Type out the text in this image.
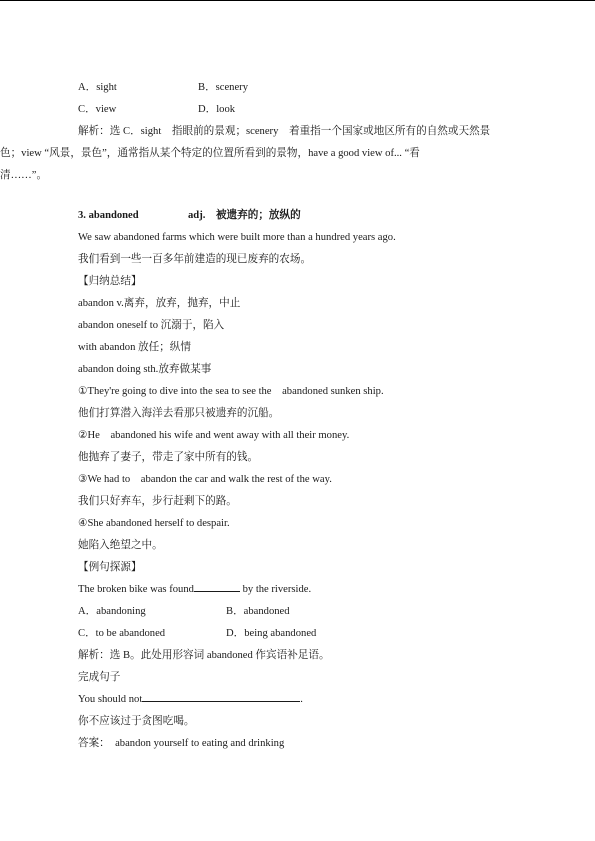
A．sight	B．scenery
C．view	D．look
解析：选 C．sight　指眼前的景观；scenery　着重指一个国家或地区所有的自然或天然景
色；view “风景，景色”，通常指从某个特定的位置所看到的景物，have a good view of... “看
清……”。
3. abandoned	adj.　被遗弃的；放纵的
We saw abandoned farms which were built more than a hundred years ago.
我们看到一些一百多年前建造的现已废弃的农场。
【归纳总结】
abandon v.离弃，放弃，抛弃，中止
abandon oneself to 沉溺于，陷入
with abandon 放任；纵情
abandon doing sth.放弃做某事
①They're going to dive into the sea to see the　abandoned sunken ship.
他们打算潜入海洋去看那只被遗弃的沉船。
②He　abandoned his wife and went away with all their money.
他抛弃了妻子，带走了家中所有的钱。
③We had to　abandon the car and walk the rest of the way.
我们只好弃车，步行赶剩下的路。
④She abandoned herself to despair.
她陷入绝望之中。
【例句探源】
The broken bike was found	by the riverside.
A．abandoning	B．abandoned
C．to be abandoned	D．being abandoned
解析：选 B。此处用形容词 abandoned 作宾语补足语。
完成句子
You should not	.
你不应该过于贪图吃喝。
答案：　abandon yourself to eating and drinking
